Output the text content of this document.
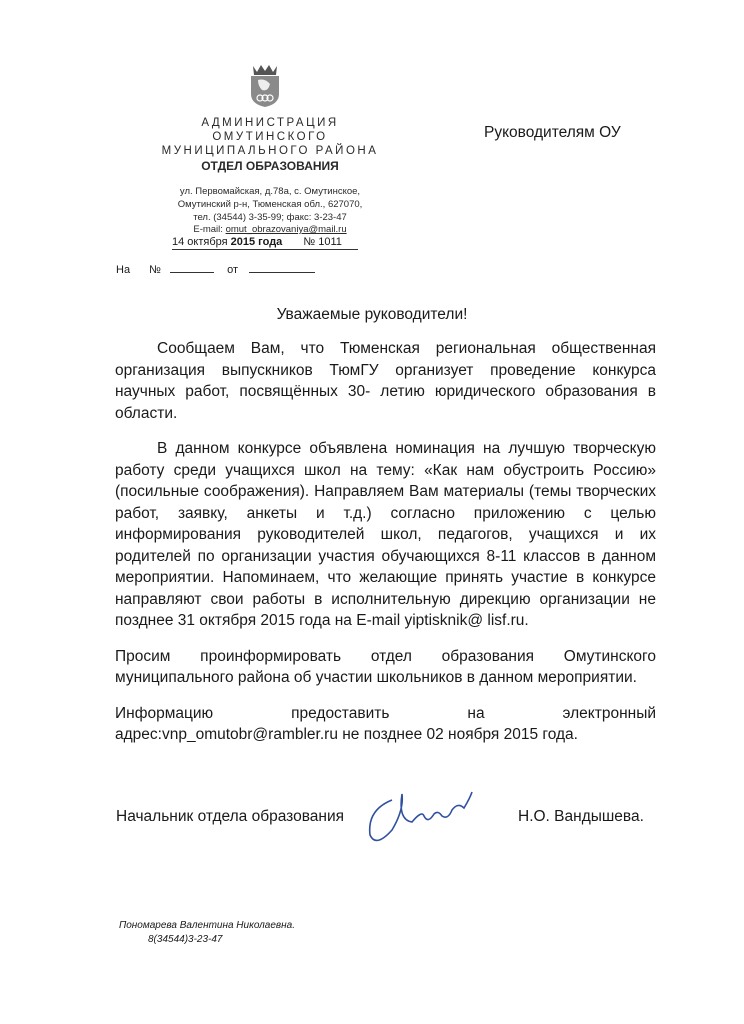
АДМИНИСТРАЦИЯ
ОМУТИНСКОГО
МУНИЦИПАЛЬНОГО РАЙОНА
ОТДЕЛ ОБРАЗОВАНИЯ
ул. Первомайская, д.78а, с. Омутинское,
Омутинский р-н, Тюменская обл., 627070,
тел. (34544) 3-35-99; факс: 3-23-47
E-mail: omut_obrazovaniya@mail.ru
14 октября 2015 года № 1011
На №	от
Руководителям ОУ
Уважаемые руководители!

Сообщаем Вам, что Тюменская региональная общественная организация выпускников ТюмГУ организует проведение конкурса научных работ, посвящённых 30- летию юридического образования в области.

В данном конкурсе объявлена номинация на лучшую творческую работу среди учащихся школ на тему: «Как нам обустроить Россию» (посильные соображения). Направляем Вам материалы (темы творческих работ, заявку, анкеты и т.д.) согласно приложению с целью информирования руководителей школ, педагогов, учащихся и их родителей по организации участия обучающихся 8-11 классов в данном мероприятии. Напоминаем, что желающие принять участие в конкурсе направляют свои работы в исполнительную дирекцию организации не позднее 31 октября 2015 года на E-mail yiptisknik@ lisf.ru.

Просим проинформировать отдел образования Омутинского муниципального района об участии школьников в данном мероприятии.

Информацию предоставить на электронный адрес:vnp_omutobr@rambler.ru не позднее 02 ноября 2015 года.

Начальник отдела образования	Н.О. Вандышева.
Пономарева Валентина Николаевна.
8(34544)3-23-47
